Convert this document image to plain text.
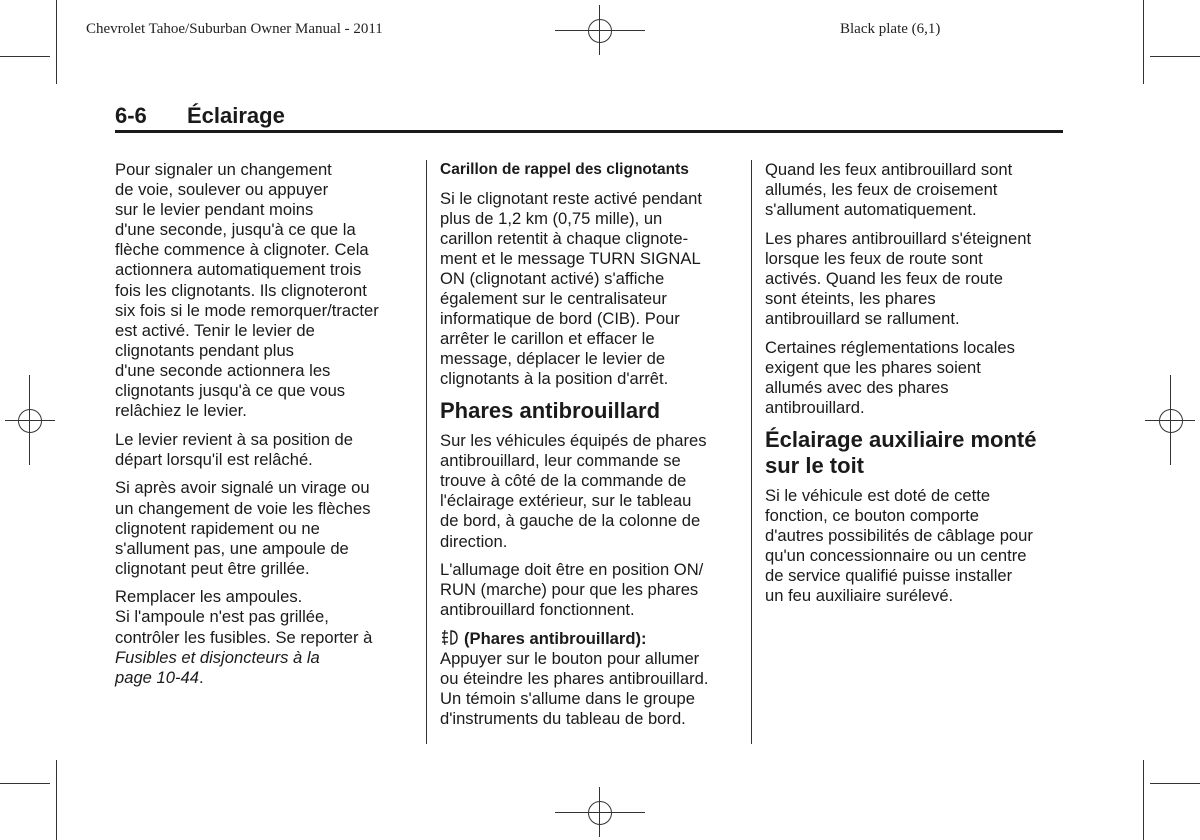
Chevrolet Tahoe/Suburban Owner Manual - 2011	Black plate (6,1)
6-6 Éclairage

Pour signaler un changement
de voie, soulever ou appuyer
sur le levier pendant moins
d'une seconde, jusqu'à ce que la
flèche commence à clignoter. Cela
actionnera automatiquement trois
fois les clignotants. Ils clignoteront
six fois si le mode remorquer/tracter
est activé. Tenir le levier de
clignotants pendant plus
d'une seconde actionnera les
clignotants jusqu'à ce que vous
relâchiez le levier.

Le levier revient à sa position de
départ lorsqu'il est relâché.

Si après avoir signalé un virage ou
un changement de voie les flèches
clignotent rapidement ou ne
s'allument pas, une ampoule de
clignotant peut être grillée.

Remplacer les ampoules.
Si l'ampoule n'est pas grillée,
contrôler les fusibles. Se reporter à
Fusibles et disjoncteurs à la
page 10‑44.

Carillon de rappel des clignotants

Si le clignotant reste activé pendant
plus de 1,2 km (0,75 mille), un
carillon retentit à chaque clignote-
ment et le message TURN SIGNAL
ON (clignotant activé) s'affiche
également sur le centralisateur
informatique de bord (CIB). Pour
arrêter le carillon et effacer le
message, déplacer le levier de
clignotants à la position d'arrêt.

Phares antibrouillard

Sur les véhicules équipés de phares
antibrouillard, leur commande se
trouve à côté de la commande de
l'éclairage extérieur, sur le tableau
de bord, à gauche de la colonne de
direction.

L'allumage doit être en position ON/
RUN (marche) pour que les phares
antibrouillard fonctionnent.

(Phares antibrouillard):
Appuyer sur le bouton pour allumer
ou éteindre les phares antibrouillard.
Un témoin s'allume dans le groupe
d'instruments du tableau de bord.

Quand les feux antibrouillard sont
allumés, les feux de croisement
s'allument automatiquement.

Les phares antibrouillard s'éteignent
lorsque les feux de route sont
activés. Quand les feux de route
sont éteints, les phares
antibrouillard se rallument.

Certaines réglementations locales
exigent que les phares soient
allumés avec des phares
antibrouillard.

Éclairage auxiliaire monté
sur le toit

Si le véhicule est doté de cette
fonction, ce bouton comporte
d'autres possibilités de câblage pour
qu'un concessionnaire ou un centre
de service qualifié puisse installer
un feu auxiliaire surélevé.
